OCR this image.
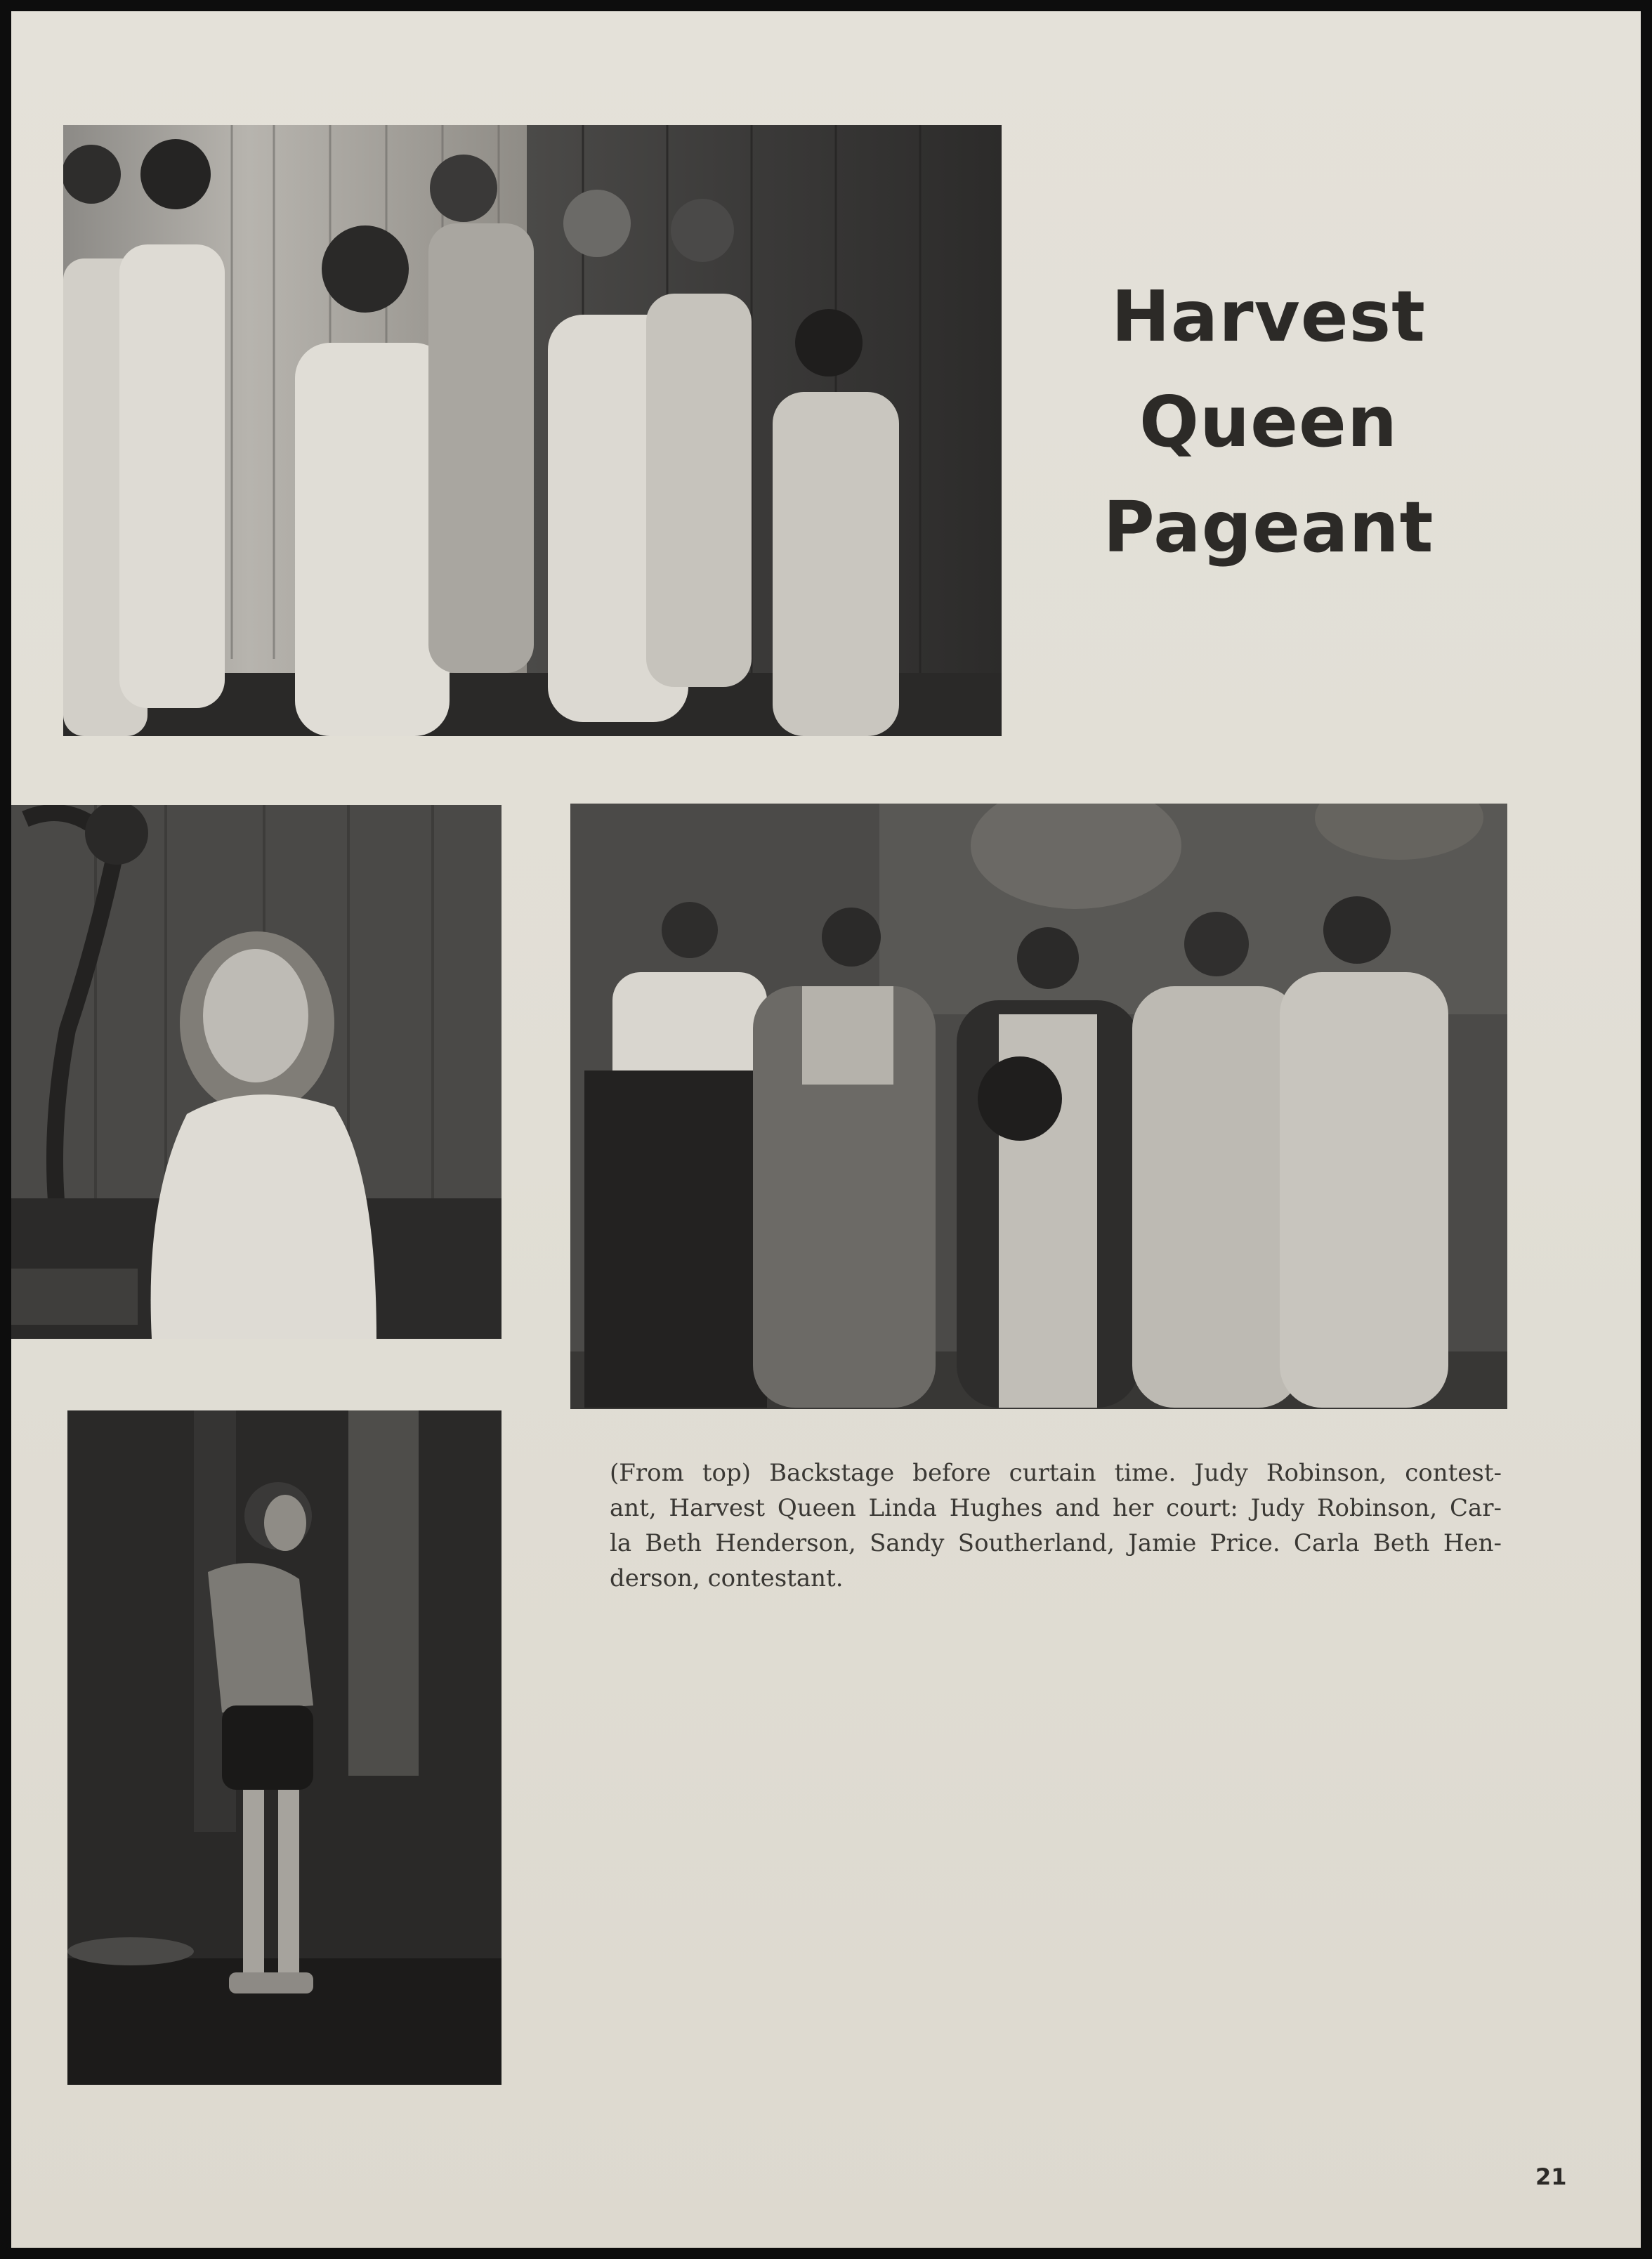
Harvest
Queen
Pageant

(From top) Backstage before curtain time. Judy Robinson, contest-
ant, Harvest Queen Linda Hughes and her court: Judy Robinson, Car-
la Beth Henderson, Sandy Southerland, Jamie Price. Carla Beth Hen-
derson, contestant.

21
